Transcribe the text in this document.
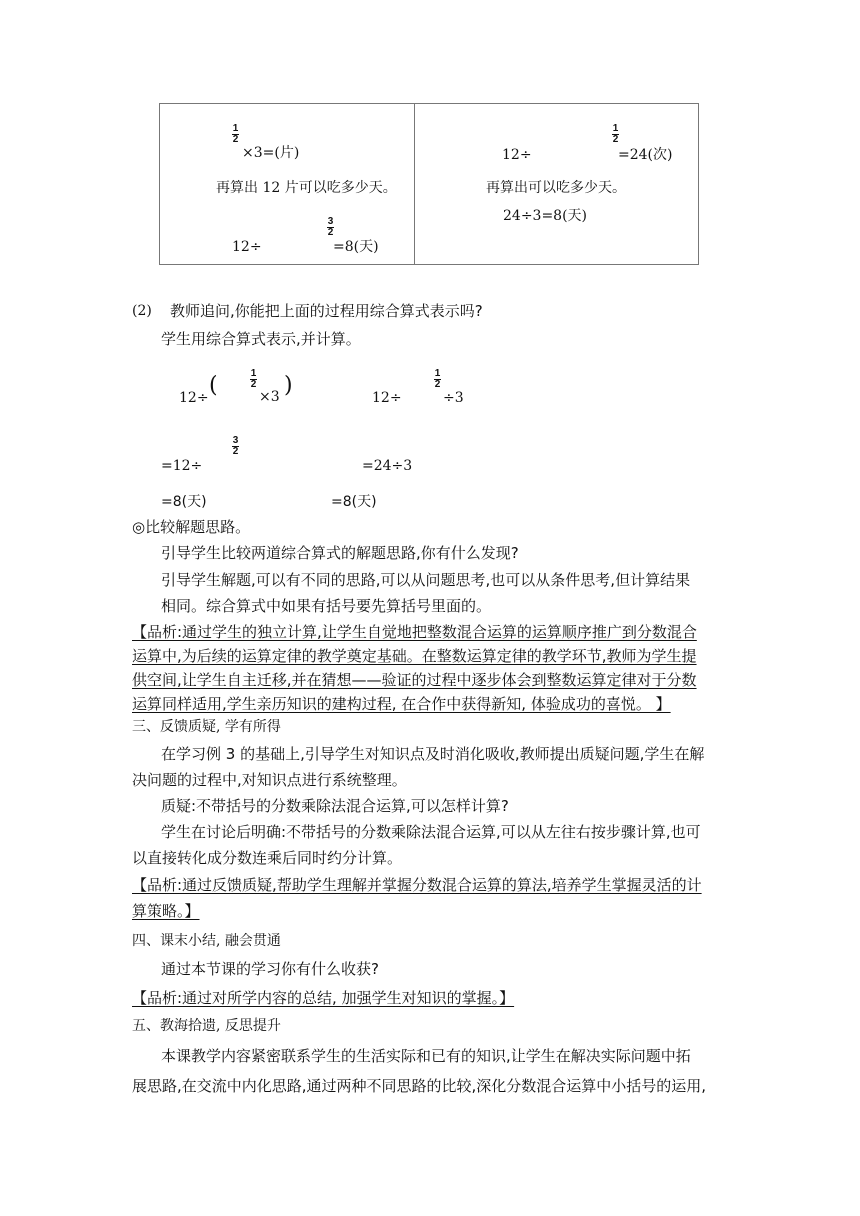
1
2
×3=(片)
再算出 12 片可以吃多少天。
12÷
3
2
=8(天)
12÷
1
2
=24(次)
再算出可以吃多少天。
24÷3=8(天)
(2) 教师追问,你能把上面的过程用综合算式表示吗?
学生用综合算式表示,并计算。
12÷ (	1
2
×3 )	12÷
1
2
÷3
=12÷
3
2
=24÷3
=8(天)	=8(天)
◎比较解题思路。
引导学生比较两道综合算式的解题思路,你有什么发现?
引导学生解题,可以有不同的思路,可以从问题思考,也可以从条件思考,但计算结果
相同。综合算式中如果有括号要先算括号里面的。
【品析:通过学生的独立计算,让学生自觉地把整数混合运算的运算顺序推广到分数混合
运算中,为后续的运算定律的教学奠定基础。在整数运算定律的教学环节,教师为学生提
供空间,让学生自主迁移,并在猜想——验证的过程中逐步体会到整数运算定律对于分数
运算同样适用,学生亲历知识的建构过程, 在合作中获得新知, 体验成功的喜悦。 】
三、反馈质疑, 学有所得
在学习例 3 的基础上,引导学生对知识点及时消化吸收,教师提出质疑问题,学生在解
决问题的过程中,对知识点进行系统整理。
质疑:不带括号的分数乘除法混合运算,可以怎样计算?
学生在讨论后明确:不带括号的分数乘除法混合运算,可以从左往右按步骤计算,也可
以直接转化成分数连乘后同时约分计算。
【品析:通过反馈质疑,帮助学生理解并掌握分数混合运算的算法,培养学生掌握灵活的计
算策略。】
四、课末小结, 融会贯通
通过本节课的学习你有什么收获?
【品析:通过对所学内容的总结, 加强学生对知识的掌握。】
五、教海拾遗, 反思提升
本课教学内容紧密联系学生的生活实际和已有的知识,让学生在解决实际问题中拓
展思路,在交流中内化思路,通过两种不同思路的比较,深化分数混合运算中小括号的运用,
